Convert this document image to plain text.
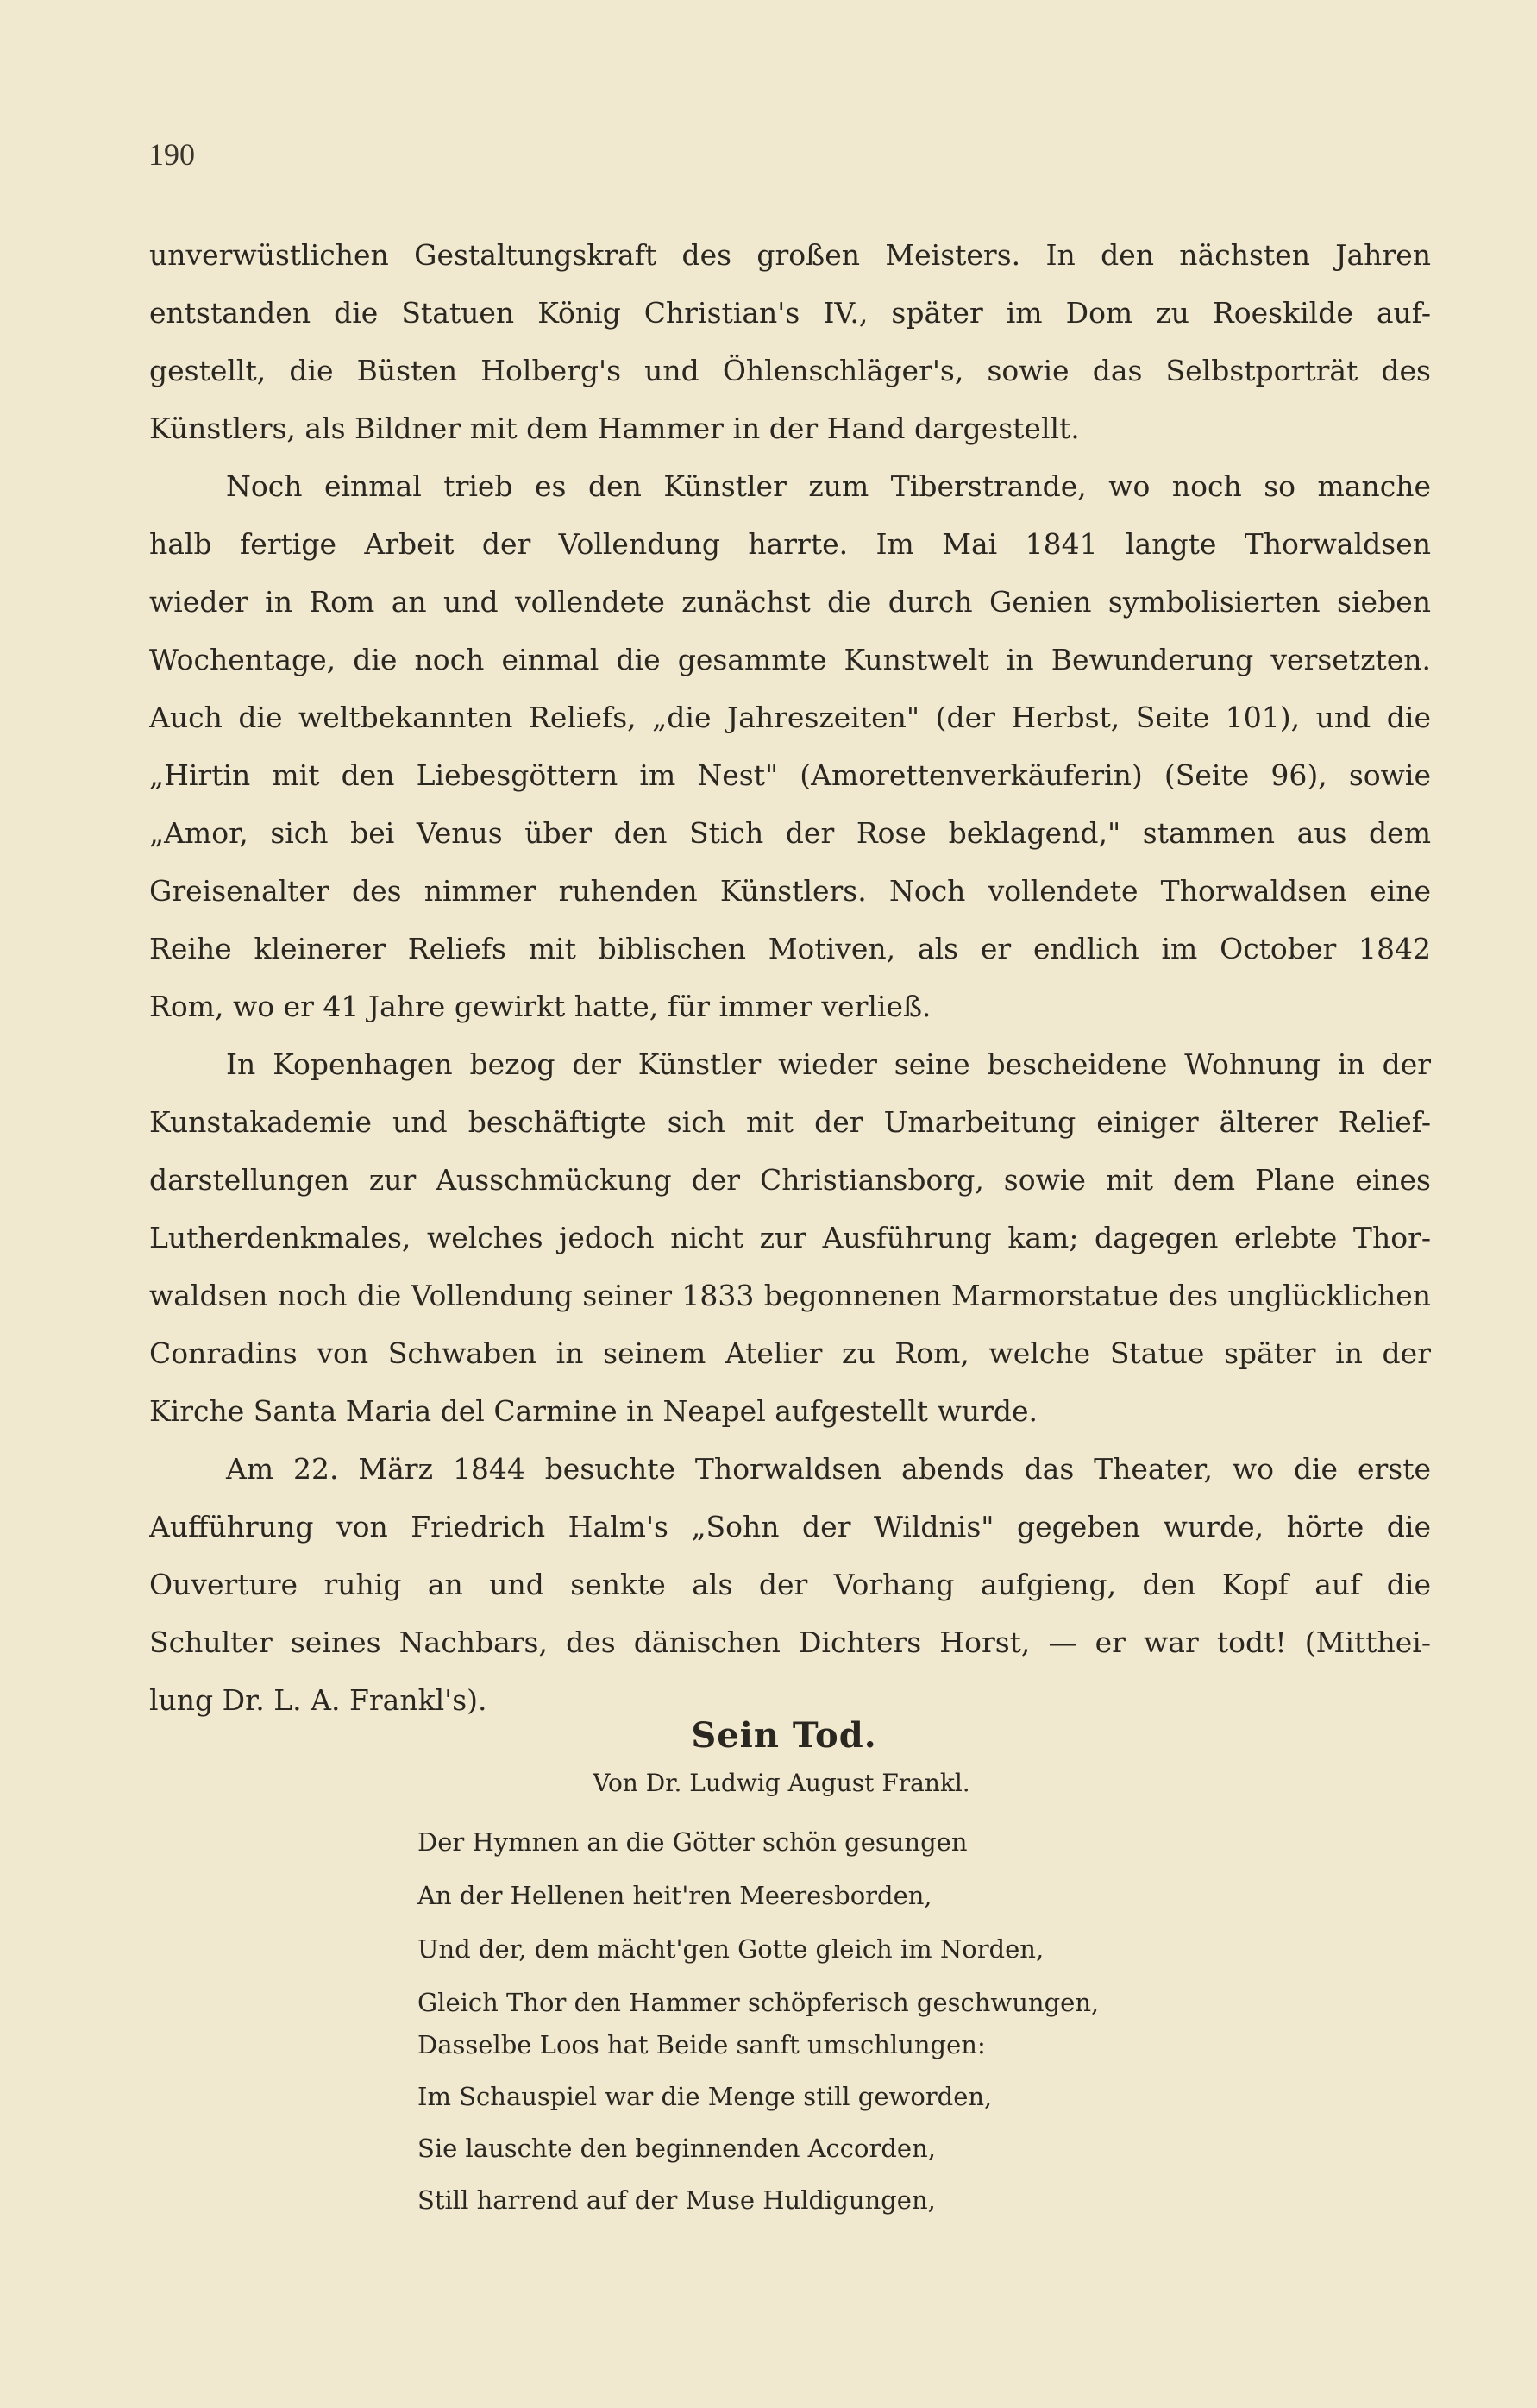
190
unverwüstlichen Gestaltungskraft des großen Meisters. In den nächsten Jahren
entstanden die Statuen König Christian's IV., später im Dom zu Roeskilde auf-
gestellt, die Büsten Holberg's und Öhlenschläger's, sowie das Selbstporträt des
Künstlers, als Bildner mit dem Hammer in der Hand dargestellt.
Noch einmal trieb es den Künstler zum Tiberstrande, wo noch so manche
halb fertige Arbeit der Vollendung harrte. Im Mai 1841 langte Thorwaldsen
wieder in Rom an und vollendete zunächst die durch Genien symbolisierten sieben
Wochentage, die noch einmal die gesammte Kunstwelt in Bewunderung versetzten.
Auch die weltbekannten Reliefs, „die Jahreszeiten" (der Herbst, Seite 101), und die
„Hirtin mit den Liebesgöttern im Nest" (Amorettenverkäuferin) (Seite 96), sowie
„Amor, sich bei Venus über den Stich der Rose beklagend," stammen aus dem
Greisenalter des nimmer ruhenden Künstlers. Noch vollendete Thorwaldsen eine
Reihe kleinerer Reliefs mit biblischen Motiven, als er endlich im October 1842
Rom, wo er 41 Jahre gewirkt hatte, für immer verließ.
In Kopenhagen bezog der Künstler wieder seine bescheidene Wohnung in der
Kunstakademie und beschäftigte sich mit der Umarbeitung einiger älterer Relief-
darstellungen zur Ausschmückung der Christiansborg, sowie mit dem Plane eines
Lutherdenkmales, welches jedoch nicht zur Ausführung kam; dagegen erlebte Thor-
waldsen noch die Vollendung seiner 1833 begonnenen Marmorstatue des unglücklichen
Conradins von Schwaben in seinem Atelier zu Rom, welche Statue später in der
Kirche Santa Maria del Carmine in Neapel aufgestellt wurde.
Am 22. März 1844 besuchte Thorwaldsen abends das Theater, wo die erste
Aufführung von Friedrich Halm's „Sohn der Wildnis" gegeben wurde, hörte die
Ouverture ruhig an und senkte als der Vorhang aufgieng, den Kopf auf die
Schulter seines Nachbars, des dänischen Dichters Horst, — er war todt! (Mitthei-
lung Dr. L. A. Frankl's).
Sein Tod.
Von Dr. Ludwig August Frankl.
Der Hymnen an die Götter schön gesungen
An der Hellenen heit'ren Meeresborden,
Und der, dem mächt'gen Gotte gleich im Norden,
Gleich Thor den Hammer schöpferisch geschwungen,
Dasselbe Loos hat Beide sanft umschlungen:
Im Schauspiel war die Menge still geworden,
Sie lauschte den beginnenden Accorden,
Still harrend auf der Muse Huldigungen,
